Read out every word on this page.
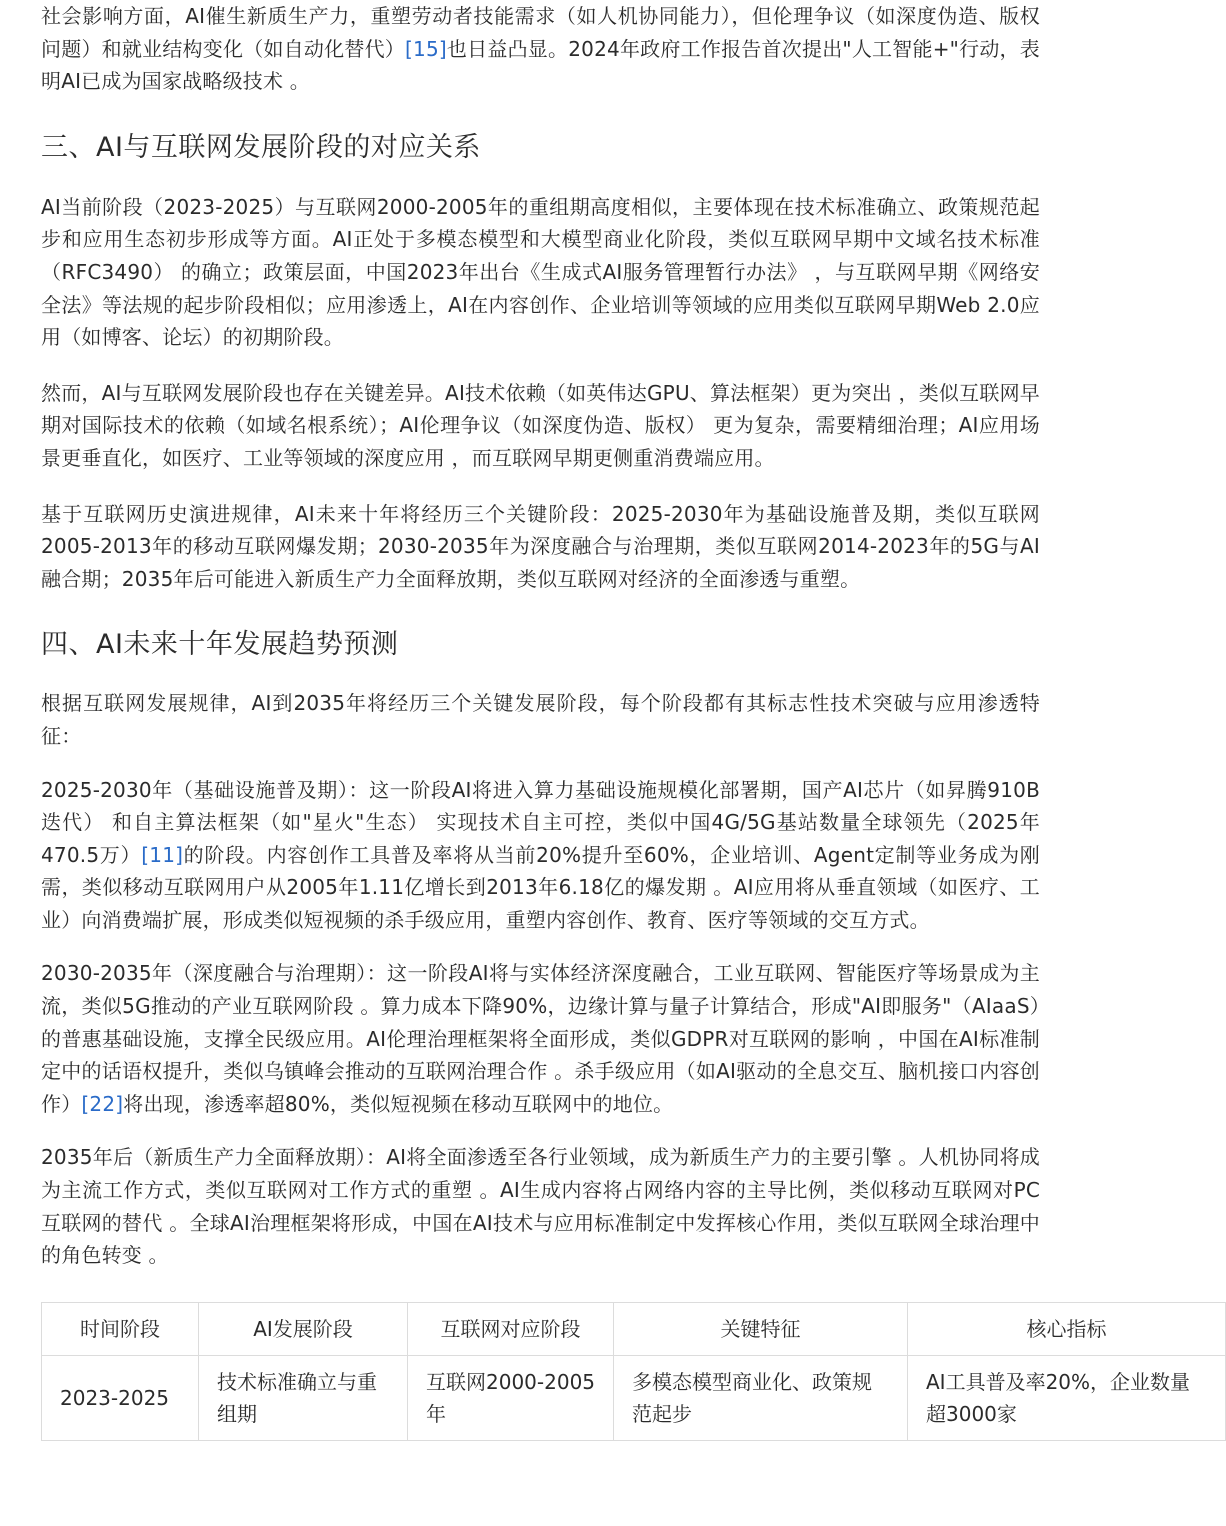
社会影响方面，AI催生新质生产力，重塑劳动者技能需求（如人机协同能力），但伦理争议（如深度伪造、版权问题）和就业结构变化（如自动化替代）[15]也日益凸显。2024年政府工作报告首次提出"人工智能+"行动，表明AI已成为国家战略级技术 。

三、AI与互联网发展阶段的对应关系

AI当前阶段（2023-2025）与互联网2000-2005年的重组期高度相似，主要体现在技术标准确立、政策规范起步和应用生态初步形成等方面。AI正处于多模态模型和大模型商业化阶段，类似互联网早期中文域名技术标准（RFC3490） 的确立；政策层面，中国2023年出台《生成式AI服务管理暂行办法》 ，与互联网早期《网络安全法》等法规的起步阶段相似；应用渗透上，AI在内容创作、企业培训等领域的应用类似互联网早期Web 2.0应用（如博客、论坛）的初期阶段。

然而，AI与互联网发展阶段也存在关键差异。AI技术依赖（如英伟达GPU、算法框架）更为突出 ，类似互联网早期对国际技术的依赖（如域名根系统）；AI伦理争议（如深度伪造、版权） 更为复杂，需要精细治理；AI应用场景更垂直化，如医疗、工业等领域的深度应用 ，而互联网早期更侧重消费端应用。

基于互联网历史演进规律，AI未来十年将经历三个关键阶段：2025-2030年为基础设施普及期，类似互联网2005-2013年的移动互联网爆发期；2030-2035年为深度融合与治理期，类似互联网2014-2023年的5G与AI融合期；2035年后可能进入新质生产力全面释放期，类似互联网对经济的全面渗透与重塑。

四、AI未来十年发展趋势预测

根据互联网发展规律，AI到2035年将经历三个关键发展阶段，每个阶段都有其标志性技术突破与应用渗透特征：

2025-2030年（基础设施普及期）：这一阶段AI将进入算力基础设施规模化部署期，国产AI芯片（如昇腾910B迭代） 和自主算法框架（如"星火"生态） 实现技术自主可控，类似中国4G/5G基站数量全球领先（2025年470.5万）[11]的阶段。内容创作工具普及率将从当前20%提升至60%，企业培训、Agent定制等业务成为刚需，类似移动互联网用户从2005年1.11亿增长到2013年6.18亿的爆发期 。AI应用将从垂直领域（如医疗、工业）向消费端扩展，形成类似短视频的杀手级应用，重塑内容创作、教育、医疗等领域的交互方式。

2030-2035年（深度融合与治理期）：这一阶段AI将与实体经济深度融合，工业互联网、智能医疗等场景成为主流，类似5G推动的产业互联网阶段 。算力成本下降90%，边缘计算与量子计算结合，形成"AI即服务"（AIaaS）的普惠基础设施，支撑全民级应用。AI伦理治理框架将全面形成，类似GDPR对互联网的影响 ，中国在AI标准制定中的话语权提升，类似乌镇峰会推动的互联网治理合作 。杀手级应用（如AI驱动的全息交互、脑机接口内容创作）[22]将出现，渗透率超80%，类似短视频在移动互联网中的地位。

2035年后（新质生产力全面释放期）：AI将全面渗透至各行业领域，成为新质生产力的主要引擎 。人机协同将成为主流工作方式，类似互联网对工作方式的重塑 。AI生成内容将占网络内容的主导比例，类似移动互联网对PC互联网的替代 。全球AI治理框架将形成，中国在AI技术与应用标准制定中发挥核心作用，类似互联网全球治理中的角色转变 。

时间阶段	AI发展阶段	互联网对应阶段	关键特征	核心指标
2023-2025	技术标准确立与重组期	互联网2000-2005年	多模态模型商业化、政策规范起步	AI工具普及率20%，企业数量超3000家
